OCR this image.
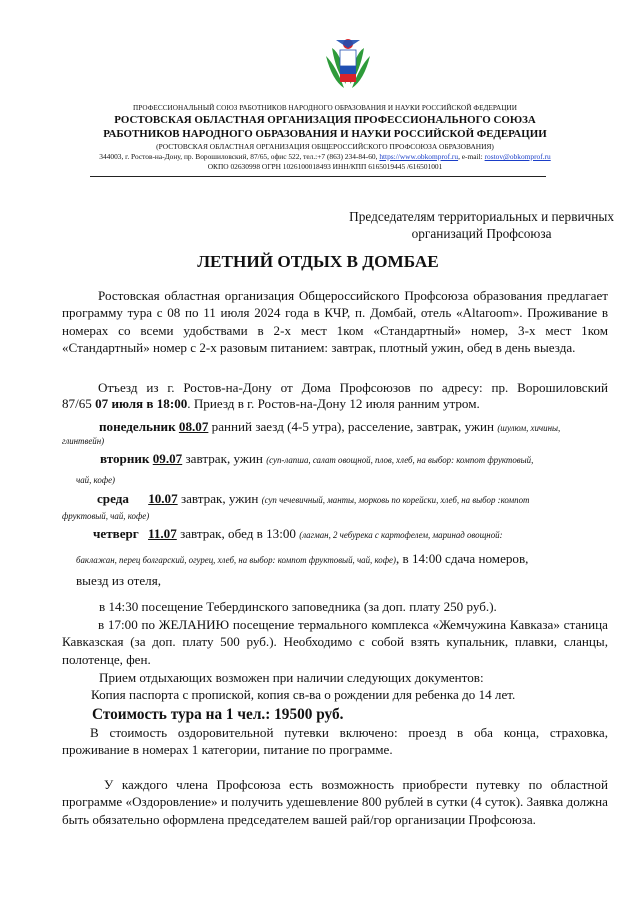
ПРОФЕССИОНАЛЬНЫЙ СОЮЗ РАБОТНИКОВ НАРОДНОГО ОБРАЗОВАНИЯ И НАУКИ РОССИЙСКОЙ ФЕДЕРАЦИИ
РОСТОВСКАЯ ОБЛАСТНАЯ ОРГАНИЗАЦИЯ ПРОФЕССИОНАЛЬНОГО СОЮЗА
РАБОТНИКОВ НАРОДНОГО ОБРАЗОВАНИЯ И НАУКИ РОССИЙСКОЙ ФЕДЕРАЦИИ
(РОСТОВСКАЯ ОБЛАСТНАЯ ОРГАНИЗАЦИЯ ОБЩЕРОССИЙСКОГО ПРОФСОЮЗА ОБРАЗОВАНИЯ)
344003, г. Ростов-на-Дону, пр. Ворошиловский, 87/65, офис 522, тел.:+7 (863) 234-84-60, https://www.obkomprof.ru, e-mail: rostov@obkomprof.ru
ОКПО 02630998 ОГРН 1026100018493 ИНН/КПП 6165019445 /616501001
Председателям территориальных и первичных
организаций Профсоюза
ЛЕТНИЙ ОТДЫХ В ДОМБАЕ
Ростовская областная организация Общероссийского Профсоюза образования предлагает программу тура с 08 по 11 июля 2024 года в КЧР, п. Домбай, отель «Altaroom». Проживание в номерах со всеми удобствами в 2-х мест 1ком «Стандартный» номер, 3-х мест 1ком «Стандартный» номер с 2-х разовым питанием: завтрак, плотный ужин, обед в день выезда.
Отъезд из г. Ростов-на-Дону от Дома Профсоюзов по адресу: пр. Ворошиловский
87/65 07 июля в 18:00. Приезд в г. Ростов-на-Дону 12 июля ранним утром.
понедельник 08.07 ранний заезд (4-5 утра), расселение, завтрак, ужин (шулюм, хичины,
глинтвейн)
вторник 09.07 завтрак, ужин (суп-лапша, салат овощной, плов, хлеб, на выбор: компот фруктовый,
чай, кофе)
среда 10.07 завтрак, ужин (суп чечевичный, манты, морковь по корейски, хлеб, на выбор :компот
фруктовый, чай, кофе)
четверг 11.07 завтрак, обед в 13:00 (лагман, 2 чебурека с картофелем, маринад овощной:
баклажан, перец болгарский, огурец, хлеб, на выбор: компот фруктовый, чай, кофе), в 14:00 сдача номеров,
выезд из отеля,
в 14:30 посещение Тебердинского заповедника (за доп. плату 250 руб.).
в 17:00 по ЖЕЛАНИЮ посещение термального комплекса «Жемчужина Кавказа» станица Кавказская (за доп. плату 500 руб.). Необходимо с собой взять купальник, плавки, сланцы, полотенце, фен.
Прием отдыхающих возможен при наличии следующих документов:
Копия паспорта с пропиской, копия св-ва о рождении для ребенка до 14 лет.
Стоимость тура на 1 чел.: 19500 руб.
В стоимость оздоровительной путевки включено: проезд в оба конца, страховка, проживание в номерах 1 категории, питание по программе.
У каждого члена Профсоюза есть возможность приобрести путевку по областной программе «Оздоровление» и получить удешевление 800 рублей в сутки (4 суток). Заявка должна быть обязательно оформлена председателем вашей рай/гор организации Профсоюза.
